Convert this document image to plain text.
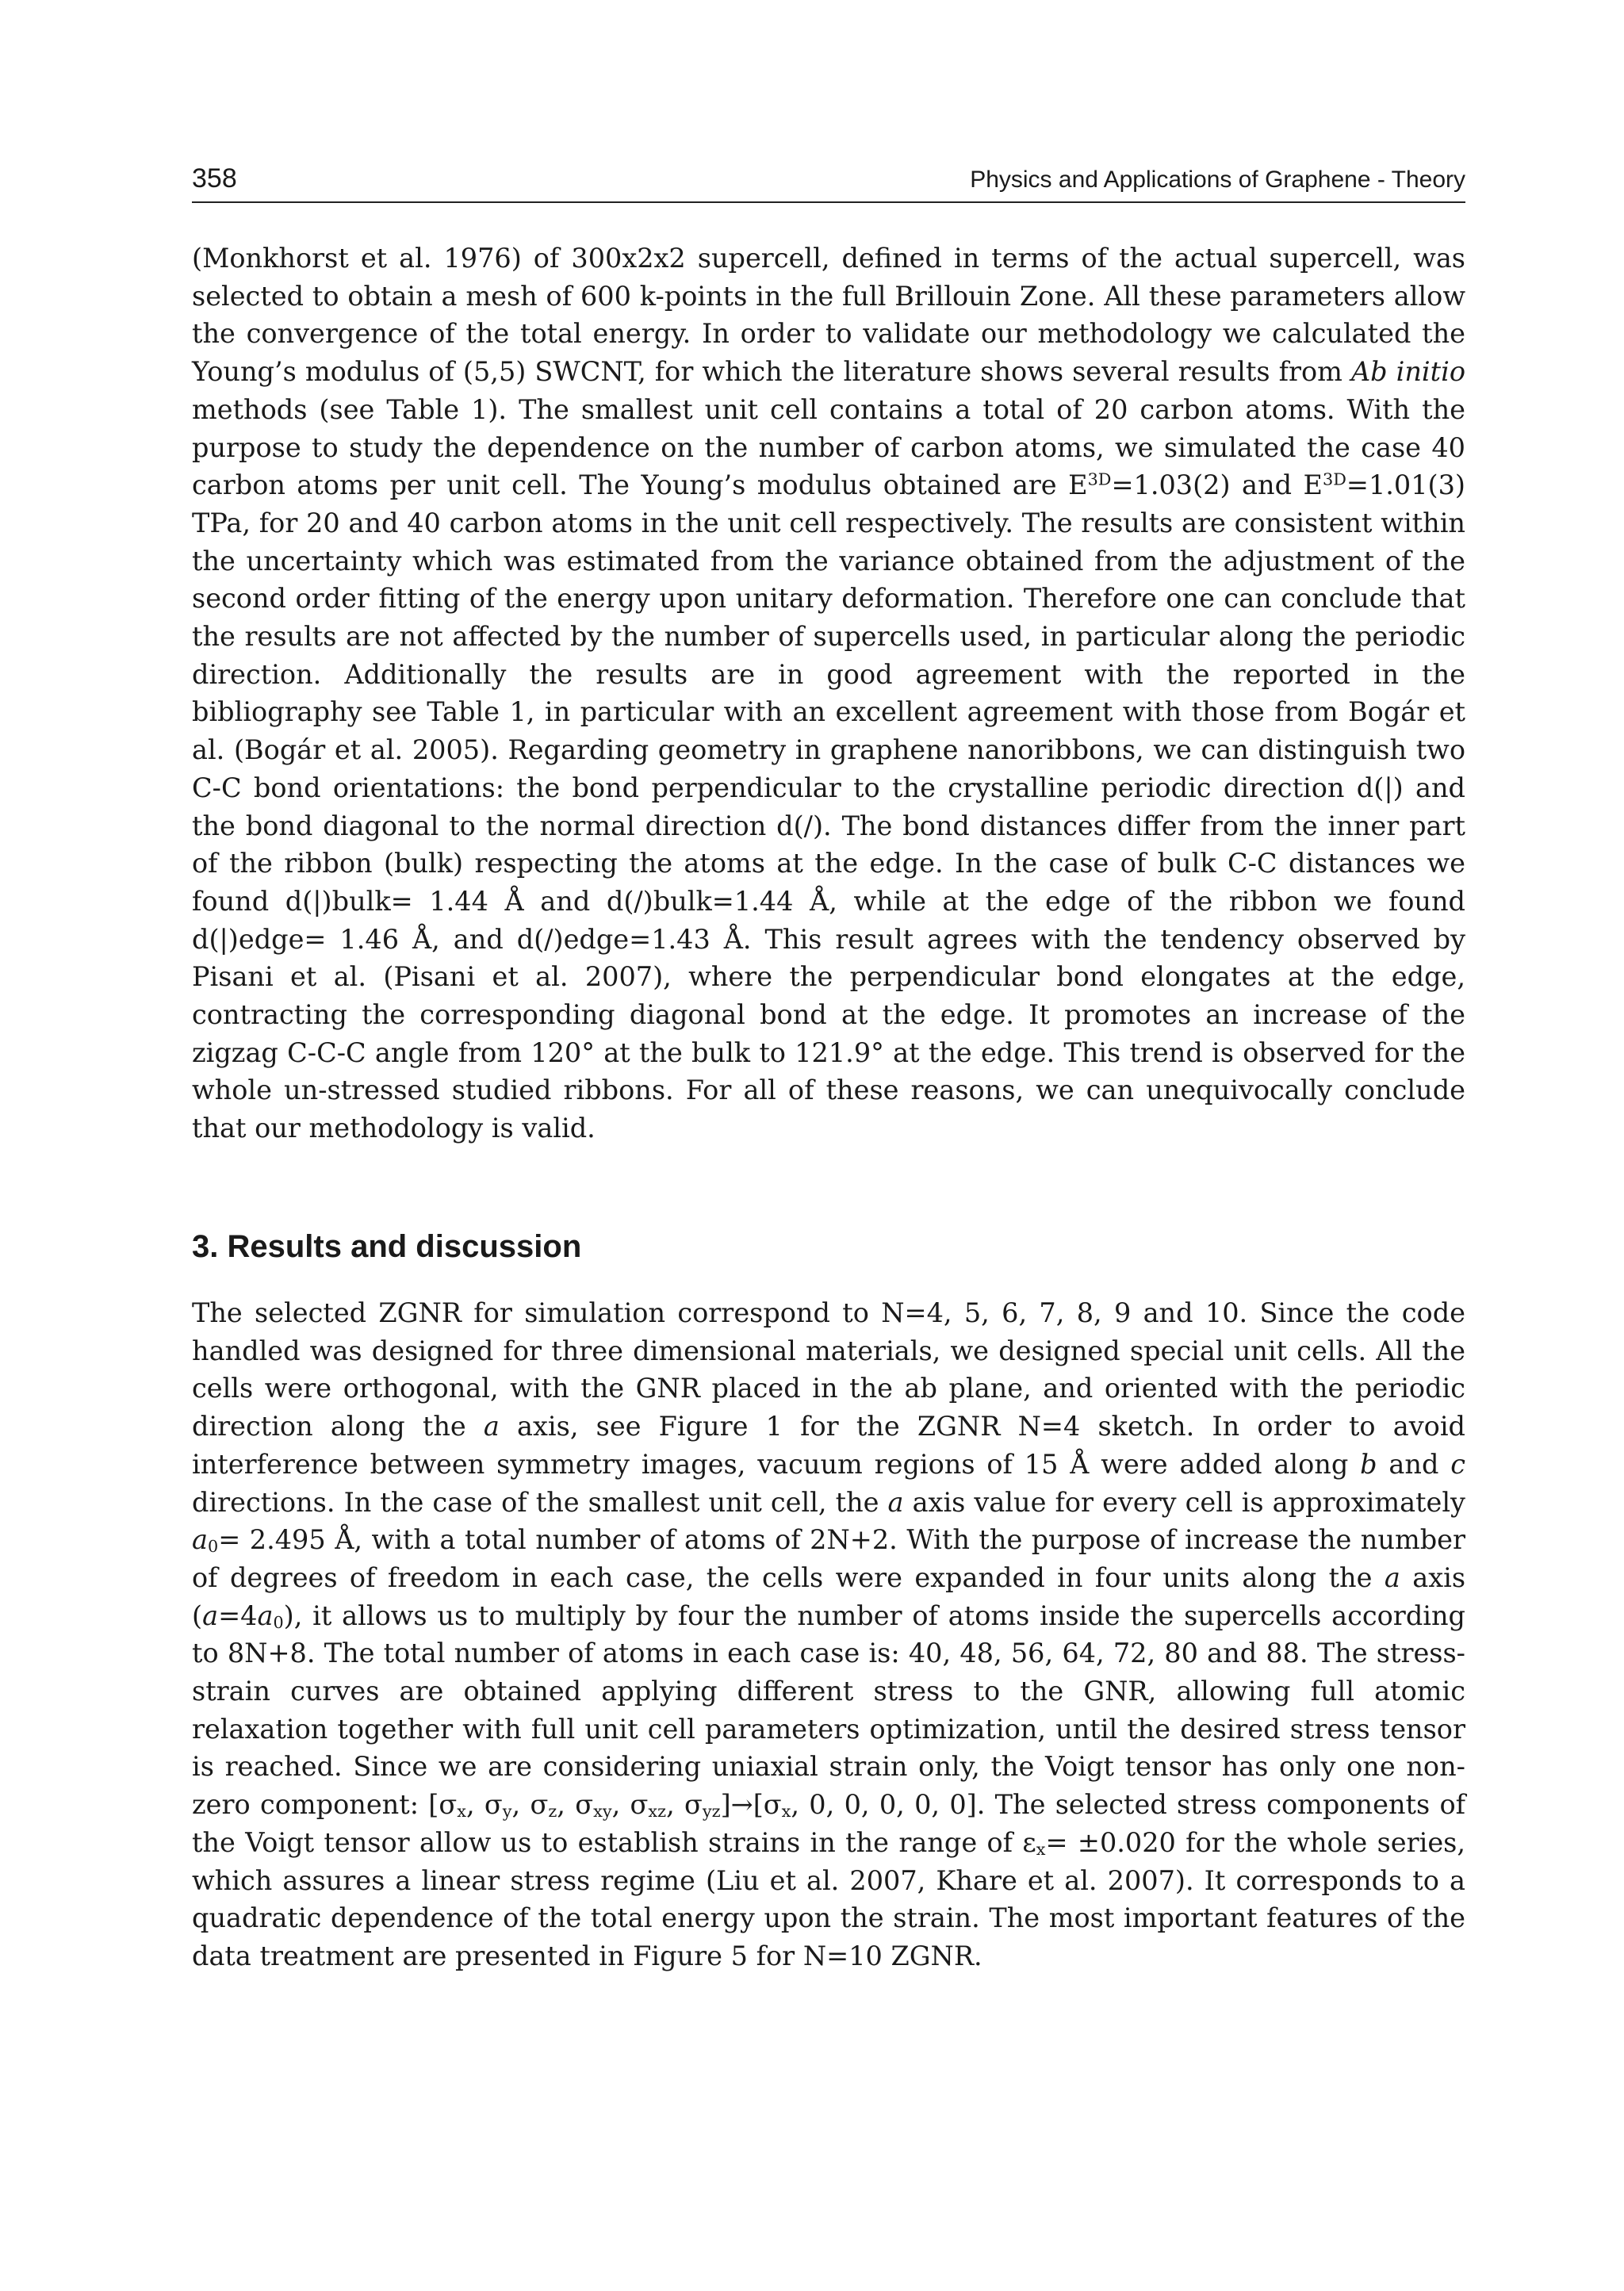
358	Physics and Applications of Graphene - Theory

(Monkhorst et al. 1976) of 300x2x2 supercell, defined in terms of the actual supercell, was selected to obtain a mesh of 600 k-points in the full Brillouin Zone. All these parameters allow the convergence of the total energy. In order to validate our methodology we calculated the Young’s modulus of (5,5) SWCNT, for which the literature shows several results from Ab initio methods (see Table 1). The smallest unit cell contains a total of 20 carbon atoms. With the purpose to study the dependence on the number of carbon atoms, we simulated the case 40 carbon atoms per unit cell. The Young’s modulus obtained are $E^{3D}=1.03(2)$ and $E^{3D}=1.01(3)$ TPa, for 20 and 40 carbon atoms in the unit cell respectively. The results are consistent within the uncertainty which was estimated from the variance obtained from the adjustment of the second order fitting of the energy upon unitary deformation. Therefore one can conclude that the results are not affected by the number of supercells used, in particular along the periodic direction. Additionally the results are in good agreement with the reported in the bibliography see Table 1, in particular with an excellent agreement with those from Bogár et al. (Bogár et al. 2005). Regarding geometry in graphene nanoribbons, we can distinguish two C-C bond orientations: the bond perpendicular to the crystalline periodic direction d(|) and the bond diagonal to the normal direction d(/). The bond distances differ from the inner part of the ribbon (bulk) respecting the atoms at the edge. In the case of bulk C-C distances we found d(|)bulk= 1.44 Å and d(/)bulk=1.44 Å, while at the edge of the ribbon we found d(|)edge= 1.46 Å, and d(/)edge=1.43 Å. This result agrees with the tendency observed by Pisani et al. (Pisani et al. 2007), where the perpendicular bond elongates at the edge, contracting the corresponding diagonal bond at the edge. It promotes an increase of the zigzag C-C-C angle from 120° at the bulk to 121.9° at the edge. This trend is observed for the whole un-stressed studied ribbons. For all of these reasons, we can unequivocally conclude that our methodology is valid.

3. Results and discussion

The selected ZGNR for simulation correspond to N=4, 5, 6, 7, 8, 9 and 10. Since the code handled was designed for three dimensional materials, we designed special unit cells. All the cells were orthogonal, with the GNR placed in the ab plane, and oriented with the periodic direction along the a axis, see Figure 1 for the ZGNR N=4 sketch. In order to avoid interference between symmetry images, vacuum regions of 15 Å were added along b and c directions. In the case of the smallest unit cell, the a axis value for every cell is approximately $a_0= 2.495$ Å, with a total number of atoms of 2N+2. With the purpose of increase the number of degrees of freedom in each case, the cells were expanded in four units along the a axis $(a=4a_0)$, it allows us to multiply by four the number of atoms inside the supercells according to 8N+8. The total number of atoms in each case is: 40, 48, 56, 64, 72, 80 and 88. The stress-strain curves are obtained applying different stress to the GNR, allowing full atomic relaxation together with full unit cell parameters optimization, until the desired stress tensor is reached. Since we are considering uniaxial strain only, the Voigt tensor has only one non-zero component: [$\sigma_x$, $\sigma_y$, $\sigma_z$, $\sigma_{xy}$, $\sigma_{xz}$, $\sigma_{yz}]\to[\sigma_x$, 0, 0, 0, 0, 0]. The selected stress components of the Voigt tensor allow us to establish strains in the range of $\varepsilon_x= \pm 0.020$ for the whole series, which assures a linear stress regime (Liu et al. 2007, Khare et al. 2007). It corresponds to a quadratic dependence of the total energy upon the strain. The most important features of the data treatment are presented in Figure 5 for N=10 ZGNR.
